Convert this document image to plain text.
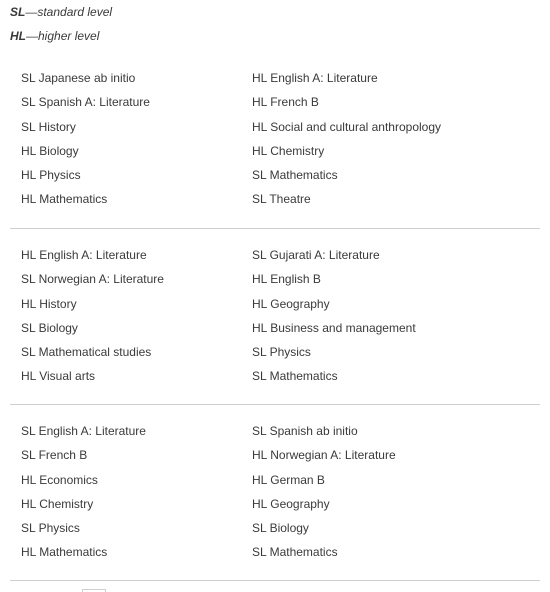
SL—standard level
HL—higher level
SL Japanese ab initio
SL Spanish A: Literature
SL History
HL Biology
HL Physics
HL Mathematics
HL English A: Literature
HL French B
HL Social and cultural anthropology
HL Chemistry
SL Mathematics
SL Theatre
HL English A: Literature
SL Norwegian A: Literature
HL History
SL Biology
SL Mathematical studies
HL Visual arts
SL Gujarati A: Literature
HL English B
HL Geography
HL Business and management
SL Physics
SL Mathematics
SL English A: Literature
SL French B
HL Economics
HL Chemistry
SL Physics
HL Mathematics
SL Spanish ab initio
HL Norwegian A: Literature
HL German B
HL Geography
SL Biology
SL Mathematics
